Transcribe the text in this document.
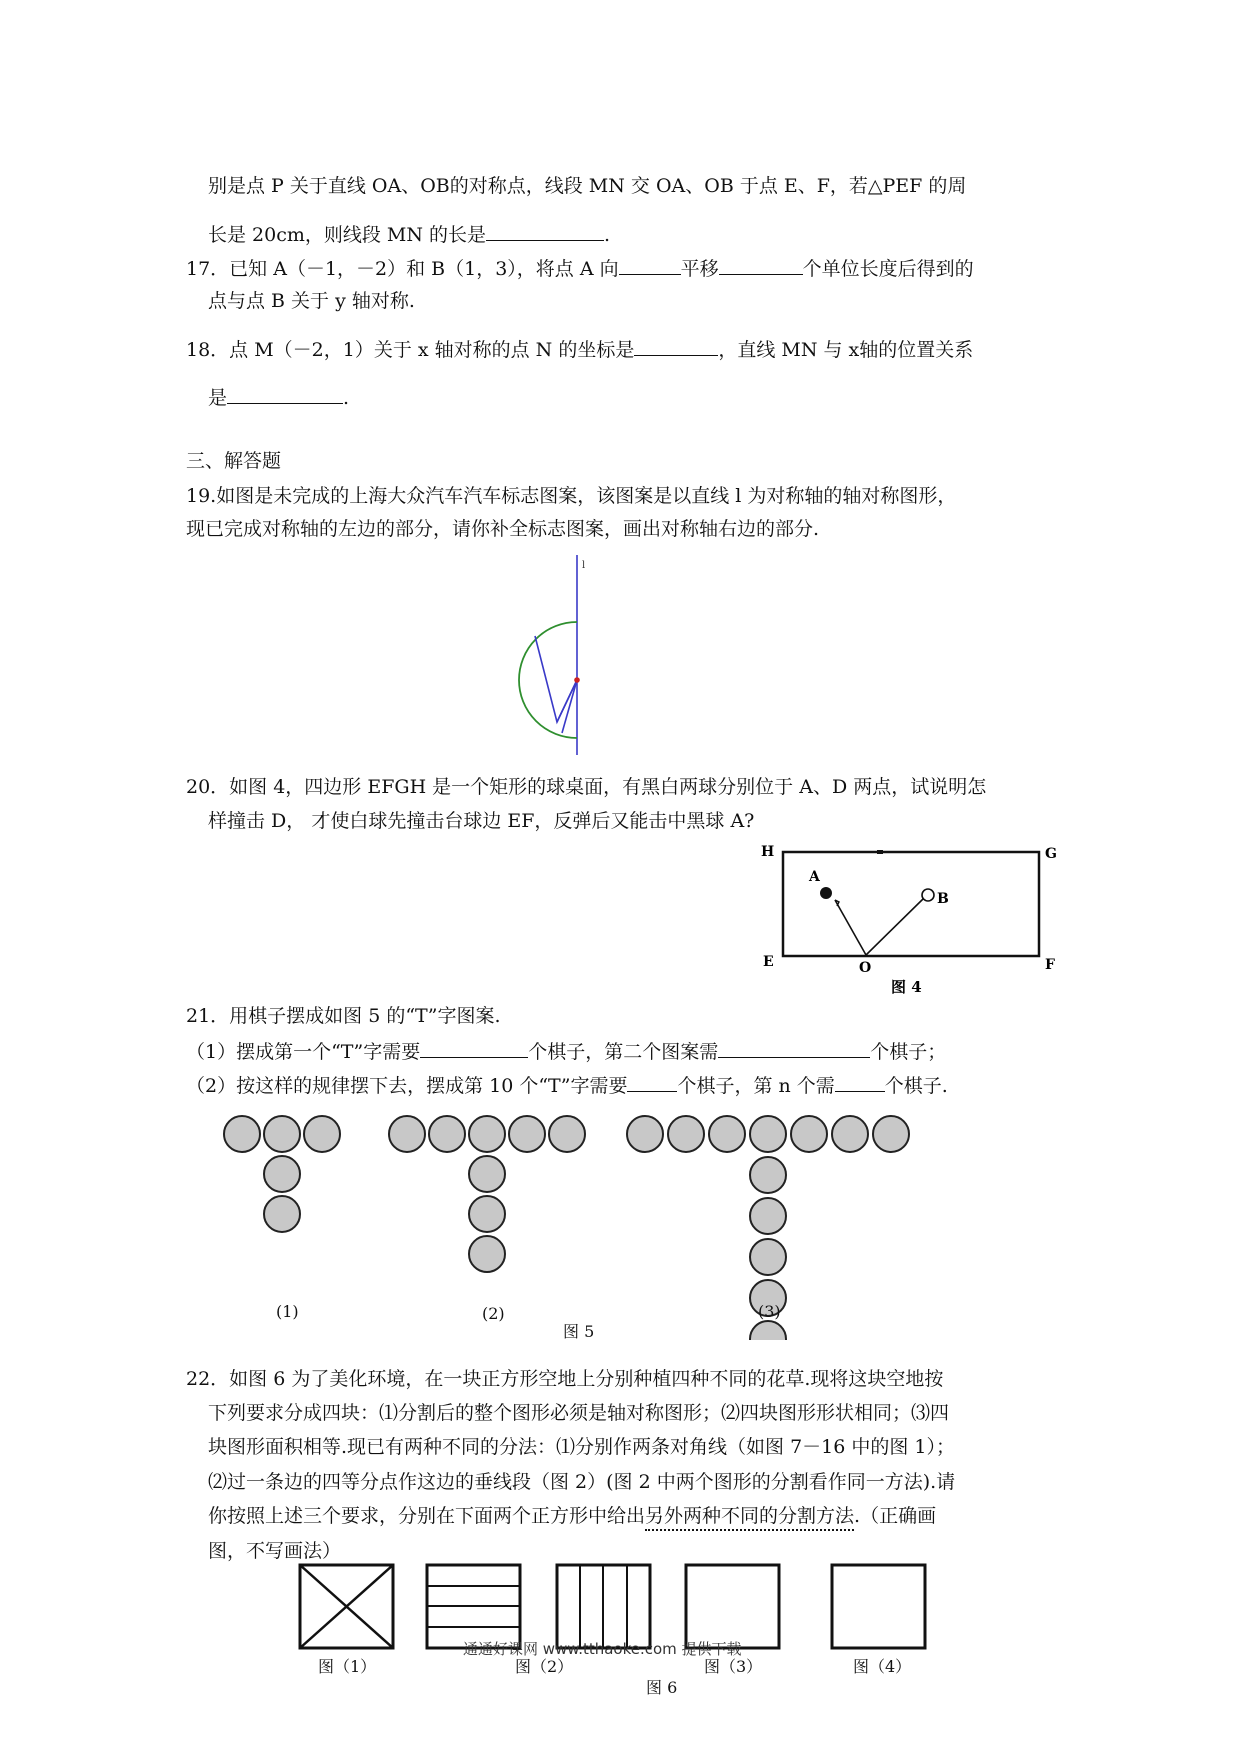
别是点 P 关于直线 OA、OB的对称点，线段 MN 交 OA、OB 于点 E、F，若△PEF 的周
长是 20cm，则线段 MN 的长是	.
17．已知 A（－1，－2）和 B（1，3），将点 A 向	平移	个单位长度后得到的
点与点 B 关于 y 轴对称.
18．点 M（－2，1）关于 x 轴对称的点 N 的坐标是	，直线 MN 与 x轴的位置关系
是	.
三、解答题
19.如图是未完成的上海大众汽车汽车标志图案，该图案是以直线 l 为对称轴的轴对称图形，
现已完成对称轴的左边的部分，请你补全标志图案，画出对称轴右边的部分.
l
20．如图 4，四边形 EFGH 是一个矩形的球桌面，有黑白两球分别位于 A、D 两点，试说明怎
样撞击 D， 才使白球先撞击台球边 EF，反弹后又能击中黑球 A?
H	G
E	F
A
B
O
图 4
21．用棋子摆成如图 5 的“T”字图案.
（1）摆成第一个“T”字需要	个棋子，第二个图案需	个棋子；
（2）按这样的规律摆下去，摆成第 10 个“T”字需要	个棋子，第 n 个需	个棋子.
(1)	(2)	(3)
图 5
22．如图 6 为了美化环境，在一块正方形空地上分别种植四种不同的花草.现将这块空地按
下列要求分成四块：⑴分割后的整个图形必须是轴对称图形；⑵四块图形形状相同；⑶四
块图形面积相等.现已有两种不同的分法：⑴分别作两条对角线（如图 7－16 中的图 1）；
⑵过一条边的四等分点作这边的垂线段（图 2）(图 2 中两个图形的分割看作同一方法).请
你按照上述三个要求，分别在下面两个正方形中给出另外两种不同的分割方法.（正确画
图，不写画法）
图（1）	图（2）	图（3）	图（4）
图 6
通通好课网 www.tthaoke.com 提供下载
